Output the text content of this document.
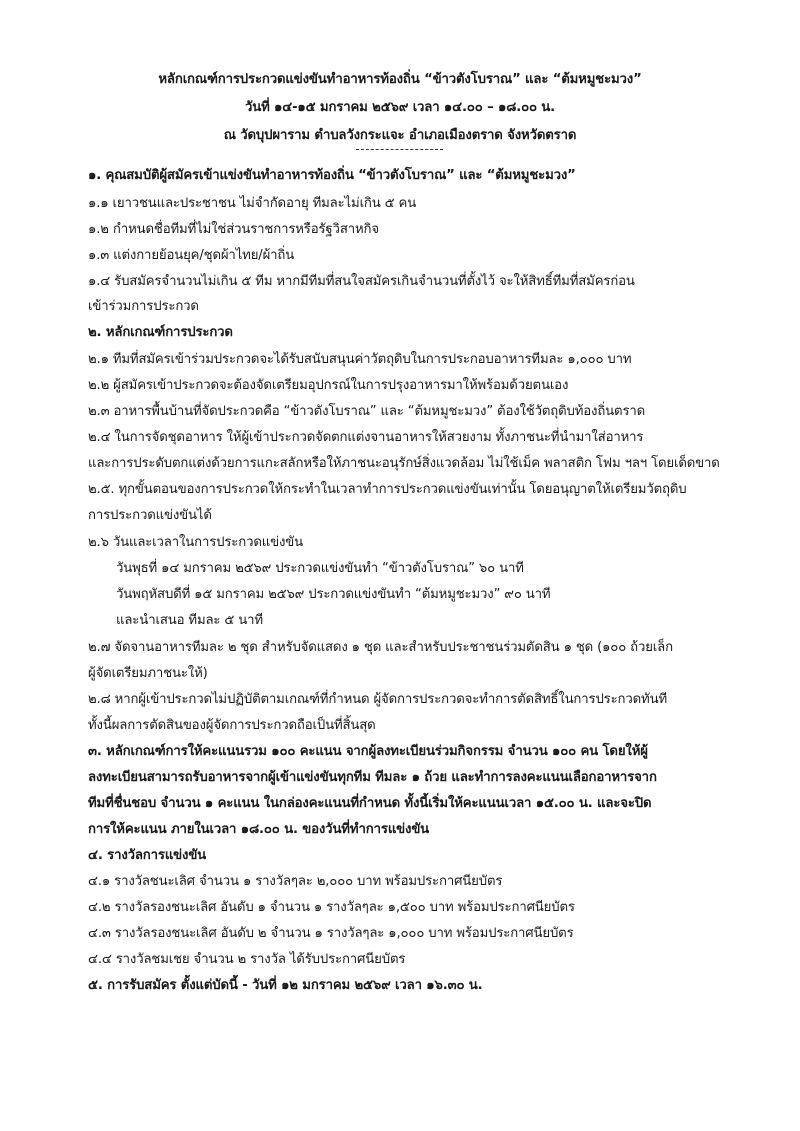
หลักเกณฑ์การประกวดแข่งขันทำอาหารท้องถิ่น “ข้าวตังโบราณ” และ “ต้มหมูชะมวง”
วันที่ ๑๔-๑๕ มกราคม ๒๕๖๙ เวลา ๑๔.๐๐ – ๑๘.๐๐ น.
ณ วัดบุปผาราม ตำบลวังกระแจะ อำเภอเมืองตราด จังหวัดตราด
๑. คุณสมบัติผู้สมัครเข้าแข่งขันทำอาหารท้องถิ่น “ข้าวตังโบราณ” และ “ต้มหมูชะมวง”
๑.๑ เยาวชนและประชาชน ไม่จำกัดอายุ ทีมละไม่เกิน ๕ คน
๑.๒ กำหนดชื่อทีมที่ไม่ใช่ส่วนราชการหรือรัฐวิสาหกิจ
๑.๓ แต่งกายย้อนยุค/ชุดผ้าไทย/ผ้าถิ่น
๑.๔ รับสมัครจำนวนไม่เกิน ๕ ทีม หากมีทีมที่สนใจสมัครเกินจำนวนที่ตั้งไว้ จะให้สิทธิ์ทีมที่สมัครก่อน
เข้าร่วมการประกวด
๒. หลักเกณฑ์การประกวด
๒.๑ ทีมที่สมัครเข้าร่วมประกวดจะได้รับสนับสนุนค่าวัตถุดิบในการประกอบอาหารทีมละ ๑,๐๐๐ บาท
๒.๒ ผู้สมัครเข้าประกวดจะต้องจัดเตรียมอุปกรณ์ในการปรุงอาหารมาให้พร้อมด้วยตนเอง
๒.๓ อาหารพื้นบ้านที่จัดประกวดคือ “ข้าวตังโบราณ” และ “ต้มหมูชะมวง” ต้องใช้วัตถุดิบท้องถิ่นตราด
๒.๔ ในการจัดชุดอาหาร ให้ผู้เข้าประกวดจัดตกแต่งจานอาหารให้สวยงาม ทั้งภาชนะที่นำมาใส่อาหาร
และการประดับตกแต่งด้วยการแกะสลักหรือให้ภาชนะอนุรักษ์สิ่งแวดล้อม ไม่ใช้เม็ค พลาสติก โฟม ฯลฯ โดยเด็ดขาด
๒.๕. ทุกขั้นตอนของการประกวดให้กระทำในเวลาทำการประกวดแข่งขันเท่านั้น โดยอนุญาตให้เตรียมวัตถุดิบ
การประกวดแข่งขันได้
๒.๖ วันและเวลาในการประกวดแข่งขัน
วันพุธที่ ๑๔ มกราคม ๒๕๖๙ ประกวดแข่งขันทำ “ข้าวตังโบราณ” ๖๐ นาที
วันพฤหัสบดีที่ ๑๕ มกราคม ๒๕๖๙ ประกวดแข่งขันทำ “ต้มหมูชะมวง” ๙๐ นาที
และนำเสนอ ทีมละ ๕ นาที
๒.๗ จัดจานอาหารทีมละ ๒ ชุด สำหรับจัดแสดง ๑ ชุด และสำหรับประชาชนร่วมตัดสิน ๑ ชุด (๑๐๐ ถ้วยเล็ก
ผู้จัดเตรียมภาชนะให้)
๒.๘ หากผู้เข้าประกวดไม่ปฏิบัติตามเกณฑ์ที่กำหนด ผู้จัดการประกวดจะทำการตัดสิทธิ์ในการประกวดทันที
ทั้งนี้ผลการตัดสินของผู้จัดการประกวดถือเป็นที่สิ้นสุด
๓. หลักเกณฑ์การให้คะแนนรวม ๑๐๐ คะแนน จากผู้ลงทะเบียนร่วมกิจกรรม จำนวน ๑๐๐ คน โดยให้ผู้
ลงทะเบียนสามารถรับอาหารจากผู้เข้าแข่งขันทุกทีม ทีมละ ๑ ถ้วย และทำการลงคะแนนเลือกอาหารจาก
ทีมที่ชื่นชอบ จำนวน ๑ คะแนน ในกล่องคะแนนที่กำหนด ทั้งนี้เริ่มให้คะแนนเวลา ๑๕.๐๐ น. และจะปิด
การให้คะแนน ภายในเวลา ๑๘.๐๐ น. ของวันที่ทำการแข่งขัน
๔. รางวัลการแข่งขัน
๔.๑ รางวัลชนะเลิศ จำนวน ๑ รางวัลๆละ ๒,๐๐๐ บาท พร้อมประกาศนียบัตร
๔.๒ รางวัลรองชนะเลิศ อันดับ ๑ จำนวน ๑ รางวัลๆละ ๑,๕๐๐ บาท พร้อมประกาศนียบัตร
๔.๓ รางวัลรองชนะเลิศ อันดับ ๒ จำนวน ๑ รางวัลๆละ ๑,๐๐๐ บาท พร้อมประกาศนียบัตร
๔.๔ รางวัลชมเชย จำนวน ๒ รางวัล ได้รับประกาศนียบัตร
๕. การรับสมัคร ตั้งแต่บัดนี้ - วันที่ ๑๒ มกราคม ๒๕๖๙ เวลา ๑๖.๓๐ น.
